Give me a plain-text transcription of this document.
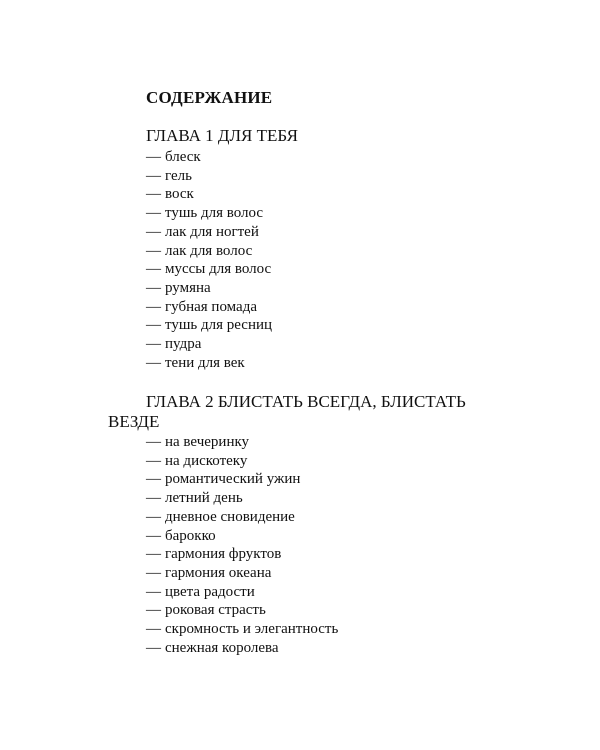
СОДЕРЖАНИЕ

ГЛАВА 1 ДЛЯ ТЕБЯ

— блеск
— гель
— воск
— тушь для волос
— лак для ногтей
— лак для волос
— муссы для волос
— румяна
— губная помада
— тушь для ресниц
— пудра
— тени для век

ГЛАВА 2 БЛИСТАТЬ ВСЕГДА, БЛИСТАТЬ ВЕЗДЕ

— на вечеринку
— на дискотеку
— романтический ужин
— летний день
— дневное сновидение
— барокко
— гармония фруктов
— гармония океана
— цвета радости
— роковая страсть
— скромность и элегантность
— снежная королева
